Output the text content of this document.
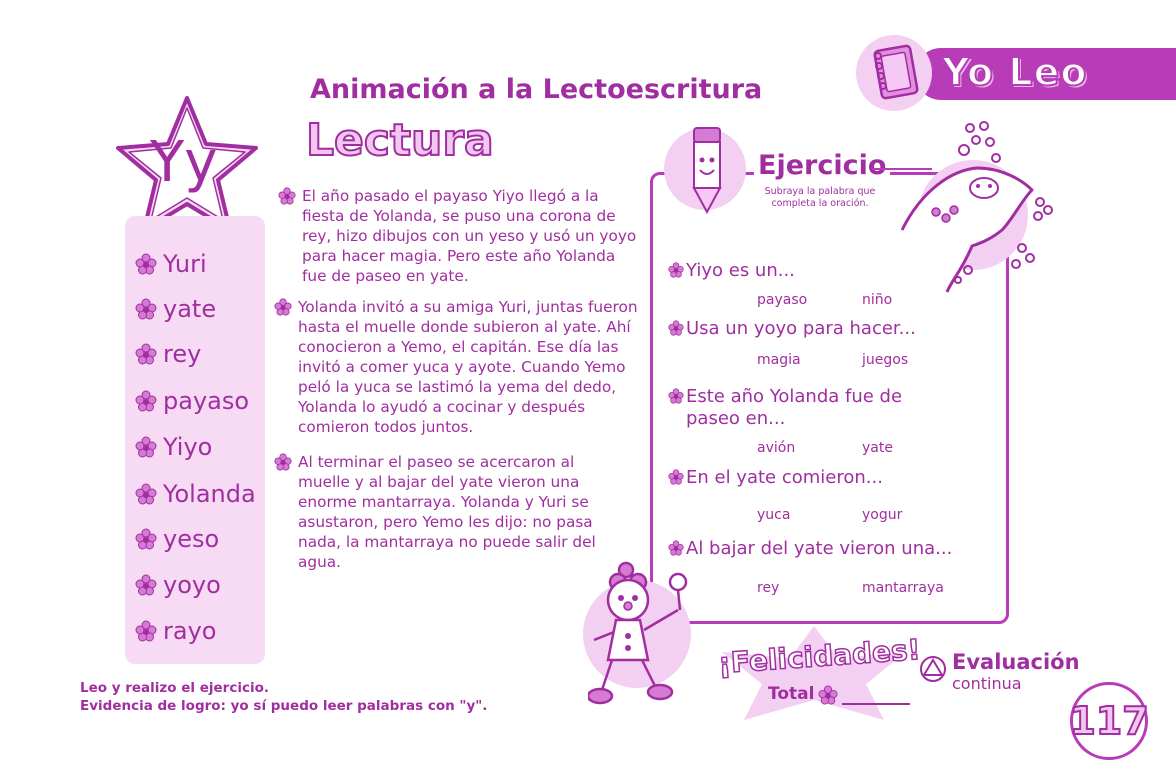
Yo Leo
Animación a la Lectoescritura
Lectura
Yy
Yuri
yate
rey
payaso
Yiyo
Yolanda
yeso
yoyo
rayo
El año pasado el payaso Yiyo llegó a la fiesta de Yolanda, se puso una corona de rey, hizo dibujos con un yeso y usó un yoyo para hacer magia. Pero este año Yolanda fue de paseo en yate.
Yolanda invitó a su amiga Yuri, juntas fueron hasta el muelle donde subieron al yate. Ahí conocieron a Yemo, el capitán. Ese día las invitó a comer yuca y ayote. Cuando Yemo peló la yuca se lastimó la yema del dedo, Yolanda lo ayudó a cocinar y después comieron todos juntos.
Al terminar el paseo se acercaron al muelle y al bajar del yate vieron una enorme mantarraya. Yolanda y Yuri se asustaron, pero Yemo les dijo: no pasa nada, la mantarraya no puede salir del agua.
Ejercicio
Subraya la palabra que completa la oración.
Yiyo es un...
payaso	niño
Usa un yoyo para hacer...
magia	juegos
Este año Yolanda fue de paseo en...
avión	yate
En el yate comieron...
yuca	yogur
Al bajar del yate vieron una...
rey	mantarraya
¡Felicidades!
Total
Evaluación
continua
117
Leo y realizo el ejercicio.
Evidencia de logro: yo sí puedo leer palabras con "y".
